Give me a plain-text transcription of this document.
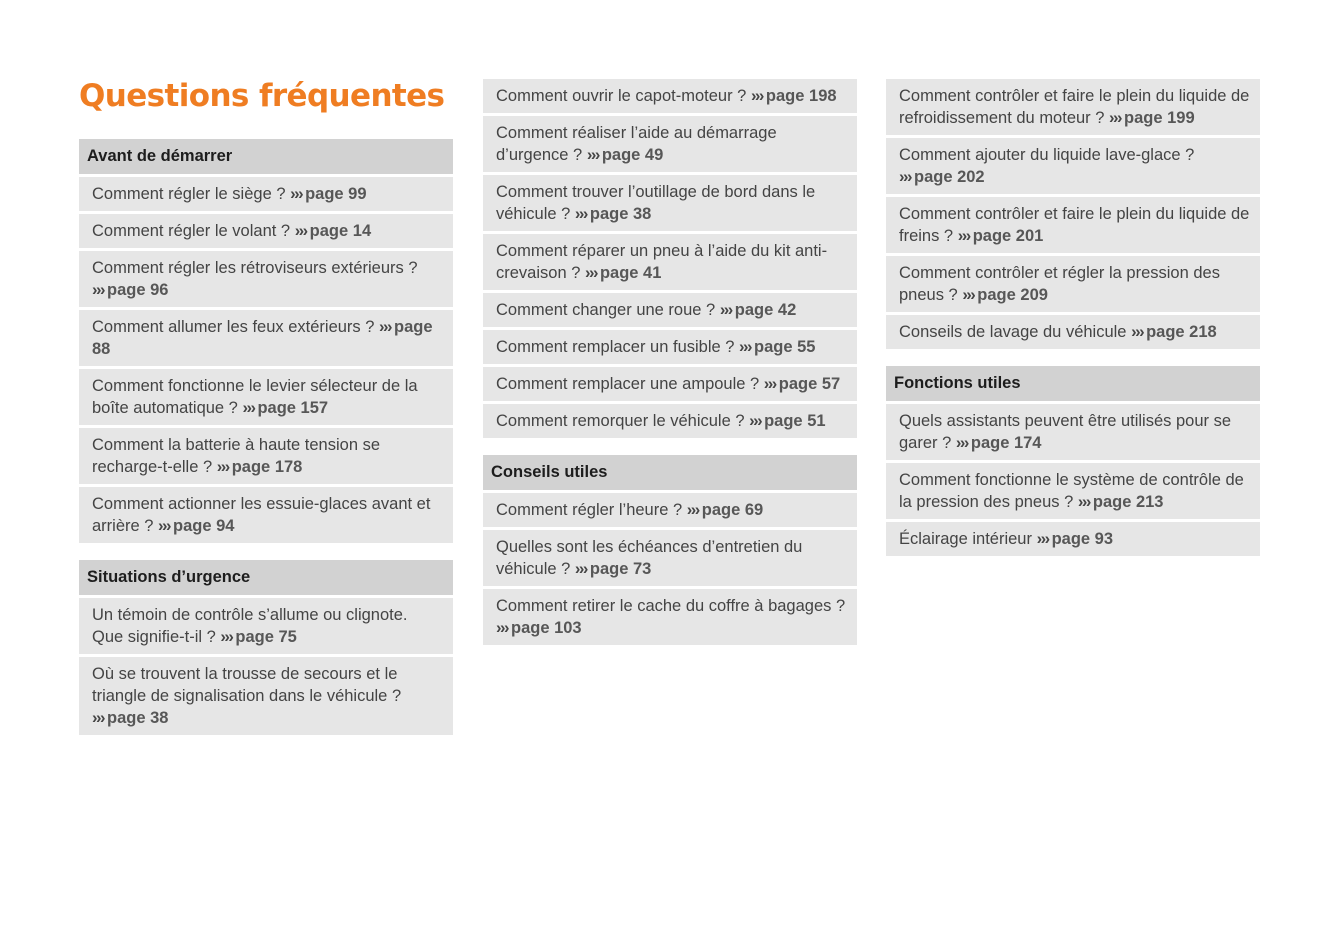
Questions fréquentes
Avant de démarrer
Comment régler le siège ? ››› page 99
Comment régler le volant ? ››› page 14
Comment régler les rétroviseurs extérieurs ? ››› page 96
Comment allumer les feux extérieurs ? ››› page 88
Comment fonctionne le levier sélecteur de la boîte automatique ? ››› page 157
Comment la batterie à haute tension se recharge-t-elle ? ››› page 178
Comment actionner les essuie-glaces avant et arrière ? ››› page 94
Situations d’urgence
Un témoin de contrôle s’allume ou clignote. Que signifie-t-il ? ››› page 75
Où se trouvent la trousse de secours et le triangle de signalisation dans le véhicule ? ››› page 38
Comment ouvrir le capot-moteur ? ››› page 198
Comment réaliser l’aide au démarrage d’urgence ? ››› page 49
Comment trouver l’outillage de bord dans le véhicule ? ››› page 38
Comment réparer un pneu à l’aide du kit anti-crevaison ? ››› page 41
Comment changer une roue ? ››› page 42
Comment remplacer un fusible ? ››› page 55
Comment remplacer une ampoule ? ››› page 57
Comment remorquer le véhicule ? ››› page 51
Conseils utiles
Comment régler l’heure ? ››› page 69
Quelles sont les échéances d’entretien du véhicule ? ››› page 73
Comment retirer le cache du coffre à bagages ? ››› page 103
Comment contrôler et faire le plein du liquide de refroidissement du moteur ? ››› page 199
Comment ajouter du liquide lave-glace ? ››› page 202
Comment contrôler et faire le plein du liquide de freins ? ››› page 201
Comment contrôler et régler la pression des pneus ? ››› page 209
Conseils de lavage du véhicule ››› page 218
Fonctions utiles
Quels assistants peuvent être utilisés pour se garer ? ››› page 174
Comment fonctionne le système de contrôle de la pression des pneus ? ››› page 213
Éclairage intérieur ››› page 93
